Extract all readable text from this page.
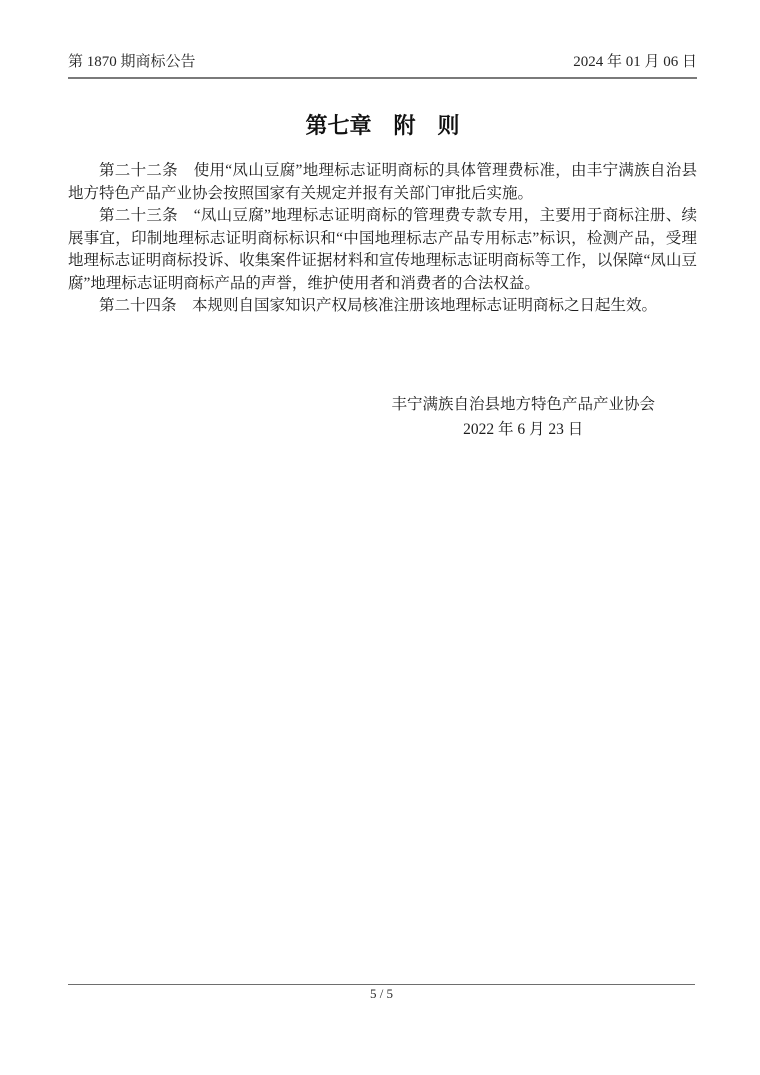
第 1870 期商标公告	2024 年 01 月 06 日
第七章　附　则

第二十二条　使用“凤山豆腐”地理标志证明商标的具体管理费标准，由丰宁满族自治县地方特色产品产业协会按照国家有关规定并报有关部门审批后实施。

第二十三条　“凤山豆腐”地理标志证明商标的管理费专款专用，主要用于商标注册、续展事宜，印制地理标志证明商标标识和“中国地理标志产品专用标志”标识，检测产品，受理地理标志证明商标投诉、收集案件证据材料和宣传地理标志证明商标等工作，以保障“凤山豆腐”地理标志证明商标产品的声誉，维护使用者和消费者的合法权益。

第二十四条　本规则自国家知识产权局核准注册该地理标志证明商标之日起生效。

丰宁满族自治县地方特色产品产业协会
2022 年 6 月 23 日
5 / 5
